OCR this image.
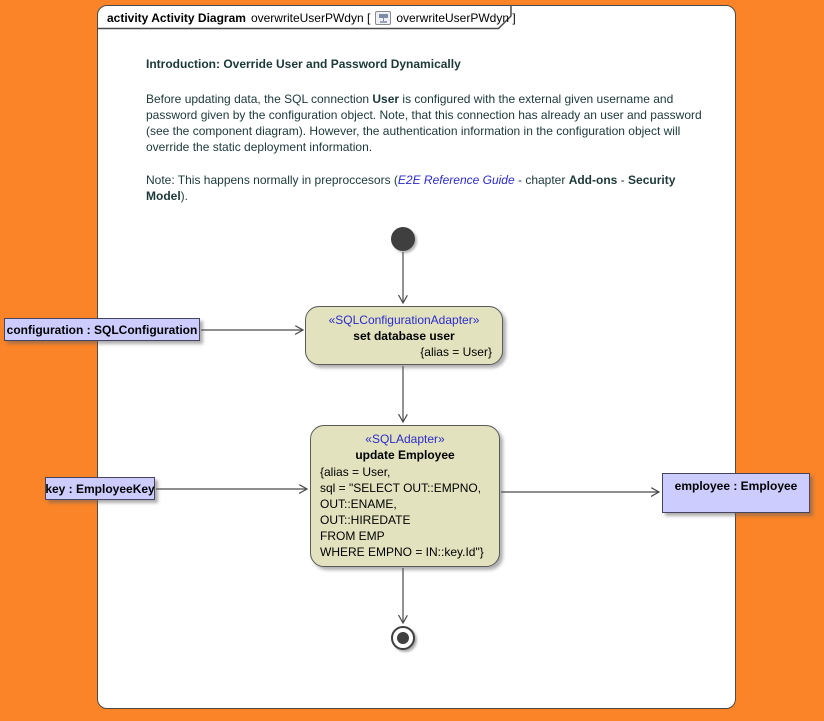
activity Activity Diagram overwriteUserPWdyn [ overwriteUserPWdyn ]

Introduction: Override User and Password Dynamically

Before updating data, the SQL connection User is configured with the external given username and password given by the configuration object. Note, that this connection has already an user and password (see the component diagram). However, the authentication information in the configuration object will override the static deployment information.

Note: This happens normally in preproccesors (E2E Reference Guide - chapter Add-ons - Security Model).

«SQLConfigurationAdapter»
set database user
{alias = User}
«SQLAdapter»
update Employee
{alias = User,
sql = "SELECT OUT::EMPNO,
OUT::ENAME,
OUT::HIREDATE
FROM EMP
WHERE EMPNO = IN::key.Id"}
configuration : SQLConfiguration
key : EmployeeKey	employee : Employee
